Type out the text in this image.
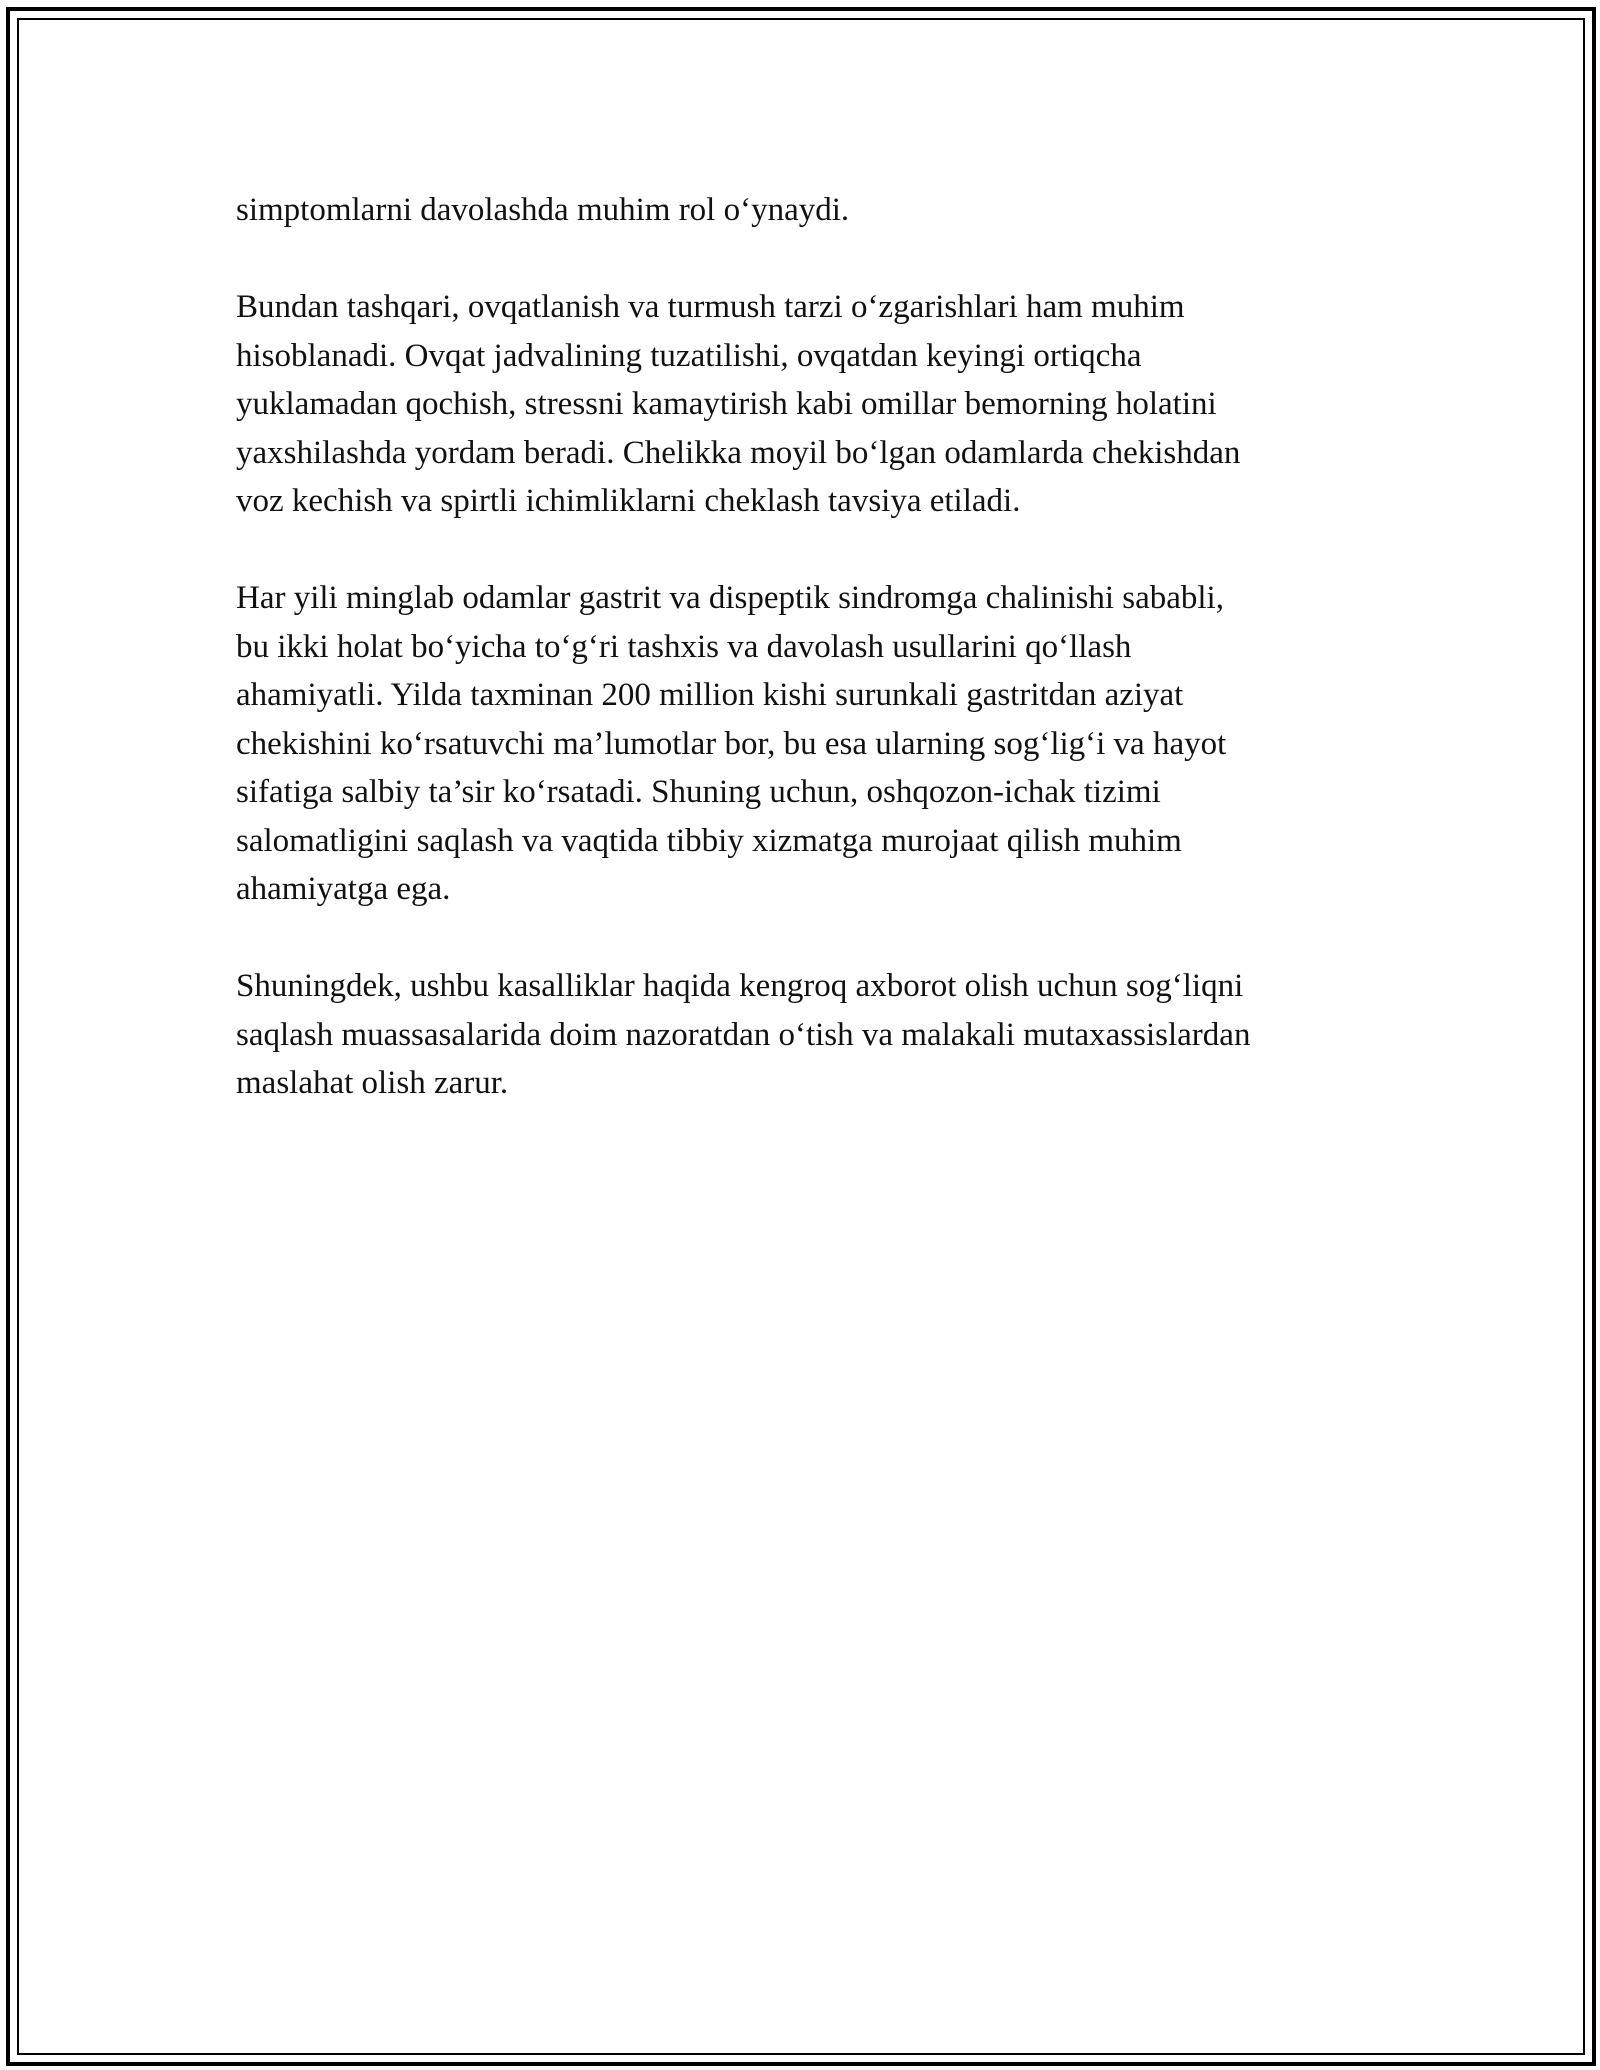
simptomlarni davolashda muhim rol o‘ynaydi.

Bundan tashqari, ovqatlanish va turmush tarzi o‘zgarishlari ham muhim
hisoblanadi. Ovqat jadvalining tuzatilishi, ovqatdan keyingi ortiqcha
yuklamadan qochish, stressni kamaytirish kabi omillar bemorning holatini
yaxshilashda yordam beradi. Chelikka moyil bo‘lgan odamlarda chekishdan
voz kechish va spirtli ichimliklarni cheklash tavsiya etiladi.

Har yili minglab odamlar gastrit va dispeptik sindromga chalinishi sababli,
bu ikki holat bo‘yicha to‘g‘ri tashxis va davolash usullarini qo‘llash
ahamiyatli. Yilda taxminan 200 million kishi surunkali gastritdan aziyat
chekishini ko‘rsatuvchi ma’lumotlar bor, bu esa ularning sog‘lig‘i va hayot
sifatiga salbiy ta’sir ko‘rsatadi. Shuning uchun, oshqozon-ichak tizimi
salomatligini saqlash va vaqtida tibbiy xizmatga murojaat qilish muhim
ahamiyatga ega.

Shuningdek, ushbu kasalliklar haqida kengroq axborot olish uchun sog‘liqni
saqlash muassasalarida doim nazoratdan o‘tish va malakali mutaxassislardan
maslahat olish zarur.
